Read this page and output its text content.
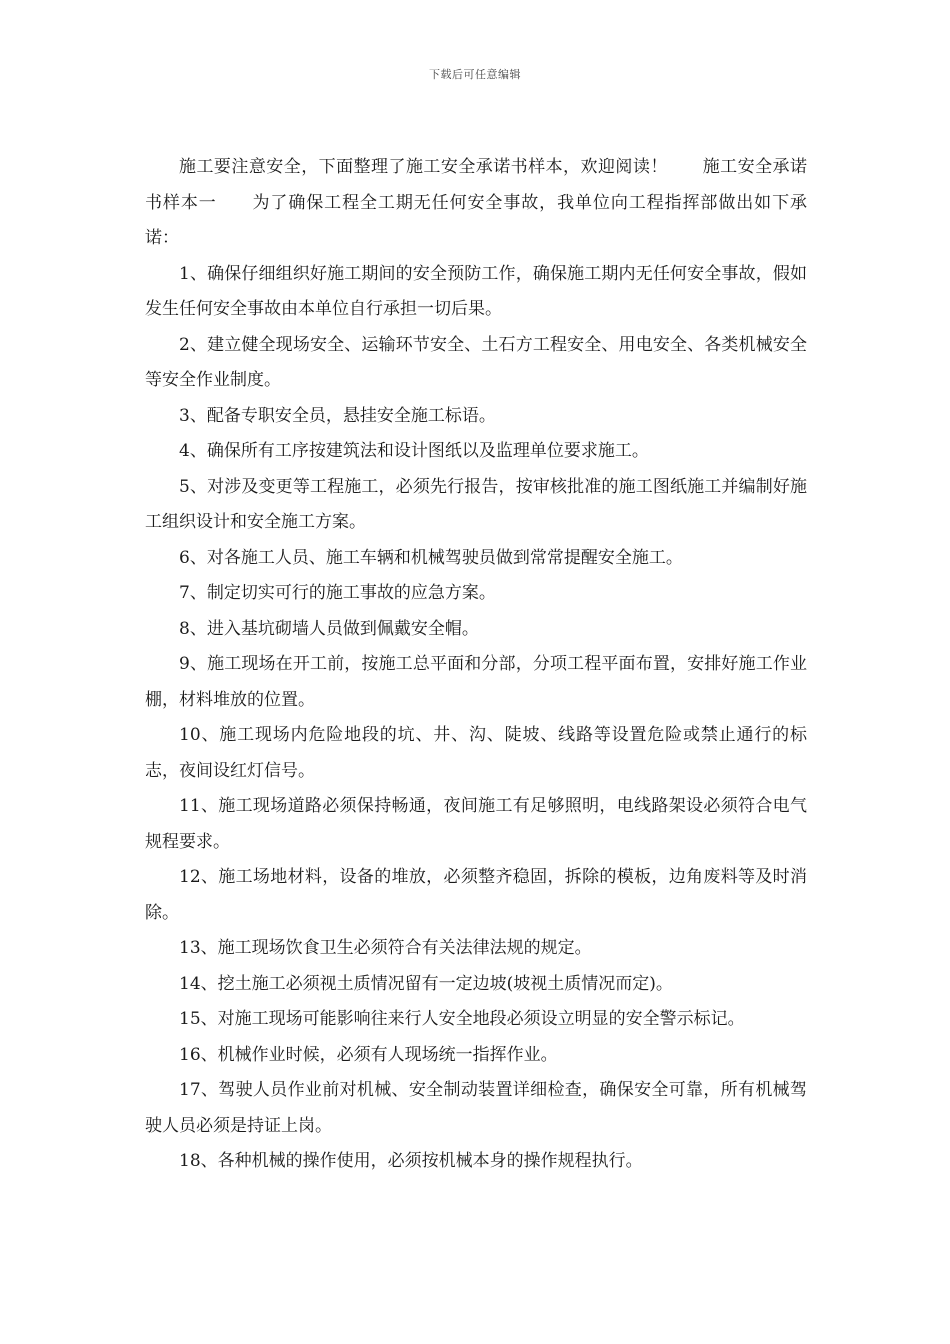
下载后可任意编辑

施工要注意安全，下面整理了施工安全承诺书样本，欢迎阅读！　　施工安全承诺书样本一　　为了确保工程全工期无任何安全事故，我单位向工程指挥部做出如下承诺：

1、确保仔细组织好施工期间的安全预防工作，确保施工期内无任何安全事故，假如发生任何安全事故由本单位自行承担一切后果。

2、建立健全现场安全、运输环节安全、土石方工程安全、用电安全、各类机械安全等安全作业制度。

3、配备专职安全员，悬挂安全施工标语。

4、确保所有工序按建筑法和设计图纸以及监理单位要求施工。

5、对涉及变更等工程施工，必须先行报告，按审核批准的施工图纸施工并编制好施工组织设计和安全施工方案。

6、对各施工人员、施工车辆和机械驾驶员做到常常提醒安全施工。

7、制定切实可行的施工事故的应急方案。

8、进入基坑砌墙人员做到佩戴安全帽。

9、施工现场在开工前，按施工总平面和分部，分项工程平面布置，安排好施工作业棚，材料堆放的位置。

10、施工现场内危险地段的坑、井、沟、陡坡、线路等设置危险或禁止通行的标志，夜间设红灯信号。

11、施工现场道路必须保持畅通，夜间施工有足够照明，电线路架设必须符合电气规程要求。

12、施工场地材料，设备的堆放，必须整齐稳固，拆除的模板，边角废料等及时消除。

13、施工现场饮食卫生必须符合有关法律法规的规定。

14、挖土施工必须视土质情况留有一定边坡(坡视土质情况而定)。

15、对施工现场可能影响往来行人安全地段必须设立明显的安全警示标记。

16、机械作业时候，必须有人现场统一指挥作业。

17、驾驶人员作业前对机械、安全制动装置详细检查，确保安全可靠，所有机械驾驶人员必须是持证上岗。

18、各种机械的操作使用，必须按机械本身的操作规程执行。
